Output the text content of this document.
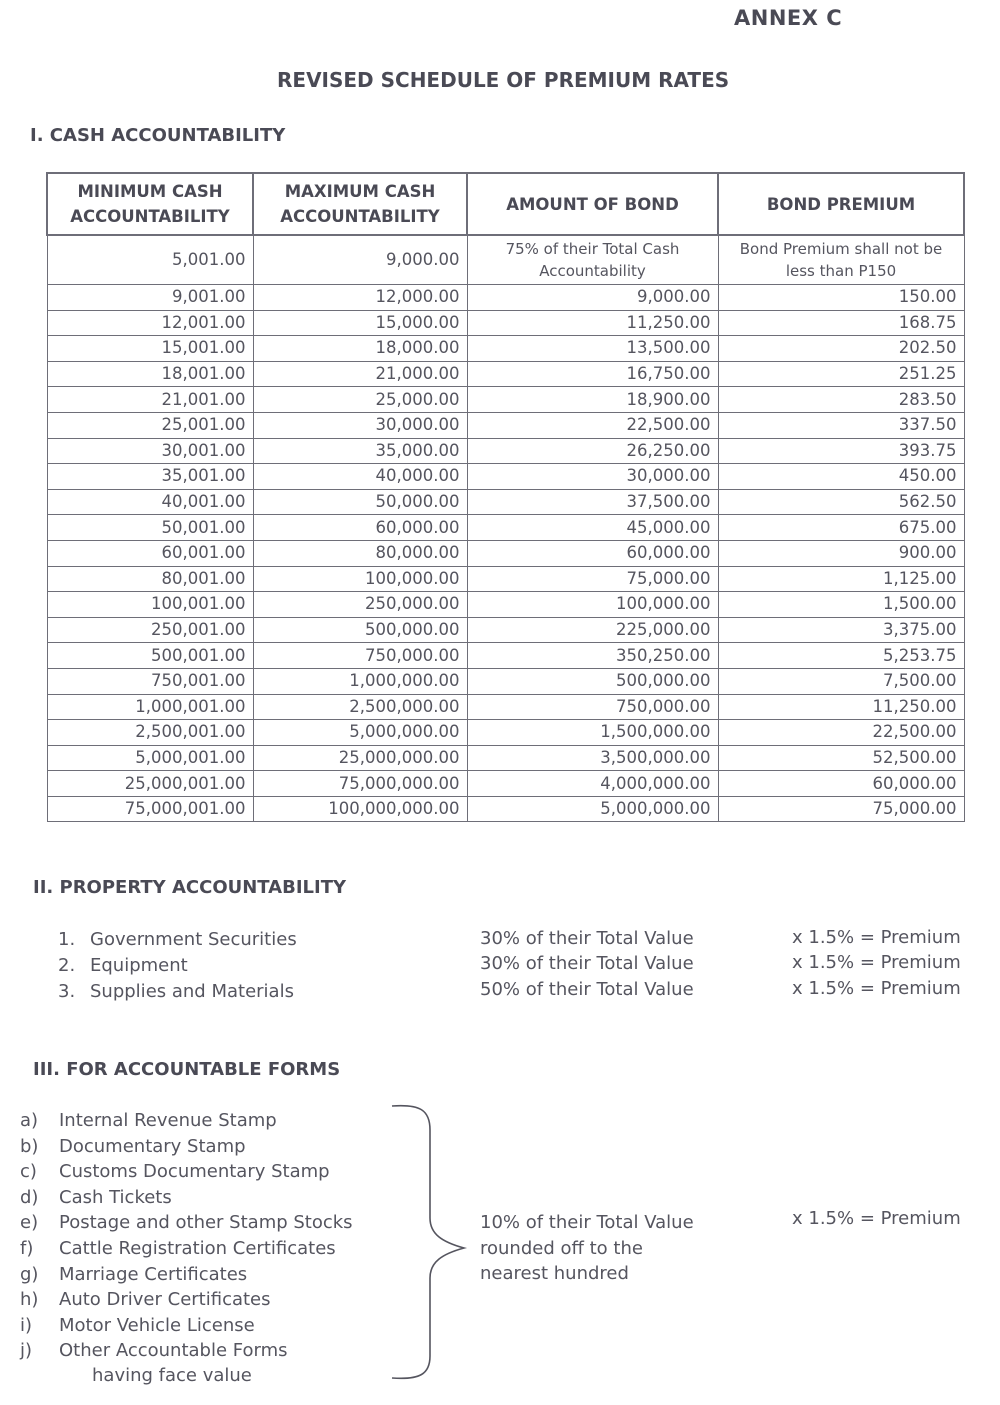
ANNEX C
REVISED SCHEDULE OF PREMIUM RATES
I. CASH ACCOUNTABILITY
MINIMUM CASH ACCOUNTABILITY	MAXIMUM CASH ACCOUNTABILITY	AMOUNT OF BOND	BOND PREMIUM
5,001.00	9,000.00	75% of their Total Cash Accountability	Bond Premium shall not be less than P150
9,001.00	12,000.00	9,000.00	150.00
12,001.00	15,000.00	11,250.00	168.75
15,001.00	18,000.00	13,500.00	202.50
18,001.00	21,000.00	16,750.00	251.25
21,001.00	25,000.00	18,900.00	283.50
25,001.00	30,000.00	22,500.00	337.50
30,001.00	35,000.00	26,250.00	393.75
35,001.00	40,000.00	30,000.00	450.00
40,001.00	50,000.00	37,500.00	562.50
50,001.00	60,000.00	45,000.00	675.00
60,001.00	80,000.00	60,000.00	900.00
80,001.00	100,000.00	75,000.00	1,125.00
100,001.00	250,000.00	100,000.00	1,500.00
250,001.00	500,000.00	225,000.00	3,375.00
500,001.00	750,000.00	350,250.00	5,253.75
750,001.00	1,000,000.00	500,000.00	7,500.00
1,000,001.00	2,500,000.00	750,000.00	11,250.00
2,500,001.00	5,000,000.00	1,500,000.00	22,500.00
5,000,001.00	25,000,000.00	3,500,000.00	52,500.00
25,000,001.00	75,000,000.00	4,000,000.00	60,000.00
75,000,001.00	100,000,000.00	5,000,000.00	75,000.00
II. PROPERTY ACCOUNTABILITY
1. Government Securities	30% of their Total Value	x 1.5% = Premium
2. Equipment	30% of their Total Value	x 1.5% = Premium
3. Supplies and Materials	50% of their Total Value	x 1.5% = Premium
III. FOR ACCOUNTABLE FORMS
a) Internal Revenue Stamp
b) Documentary Stamp
c) Customs Documentary Stamp
d) Cash Tickets
e) Postage and other Stamp Stocks
f) Cattle Registration Certificates
g) Marriage Certificates
h) Auto Driver Certificates
i) Motor Vehicle License
j) Other Accountable Forms
having face value
10% of their Total Value
rounded off to the
nearest hundred
x 1.5% = Premium
